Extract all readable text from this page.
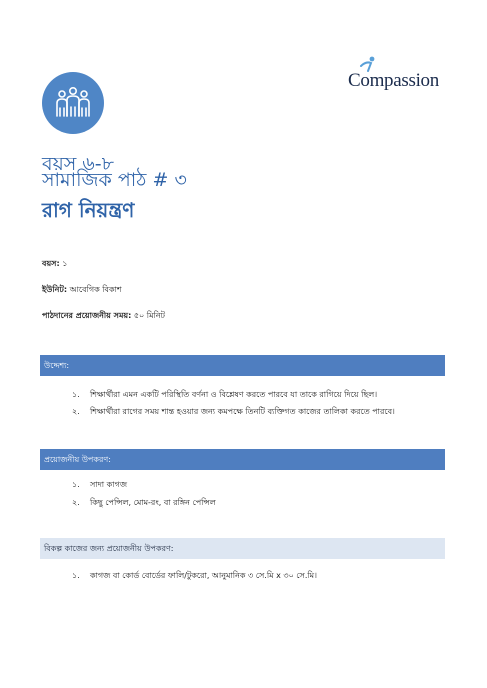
Compassion
বয়স ৬-৮
সামাজিক পাঠ # ৩
রাগ নিয়ন্ত্রণ
বয়স: ১
ইউনিট: আবেগিক বিকাশ
পাঠদানের প্রয়োজনীয় সময়: ৫০ মিনিট
উদ্দেশ্য:
১. শিক্ষার্থীরা এমন একটি পরিস্থিতি বর্ণনা ও বিশ্লেষণ করতে পারবে যা তাকে রাগিয়ে দিয়ে ছিল।
২. শিক্ষার্থীরা রাগের সময় শান্ত হওয়ার জন্য কমপক্ষে তিনটি ব্যক্তিগত কাজের তালিকা করতে পারবে।
প্রয়োজনীয় উপকরণ:
১. সাদা কাগজ
২. কিছু পেন্সিল, মোম-রং, বা রঙ্গিন পেন্সিল
বিকল্প কাজের জন্য প্রয়োজনীয় উপকরণ:
১. কাগজ বা কোর্ড বোর্ডের ফালি/টুকরো, আনুমানিক ৩ সে.মি x ৩০ সে.মি।
